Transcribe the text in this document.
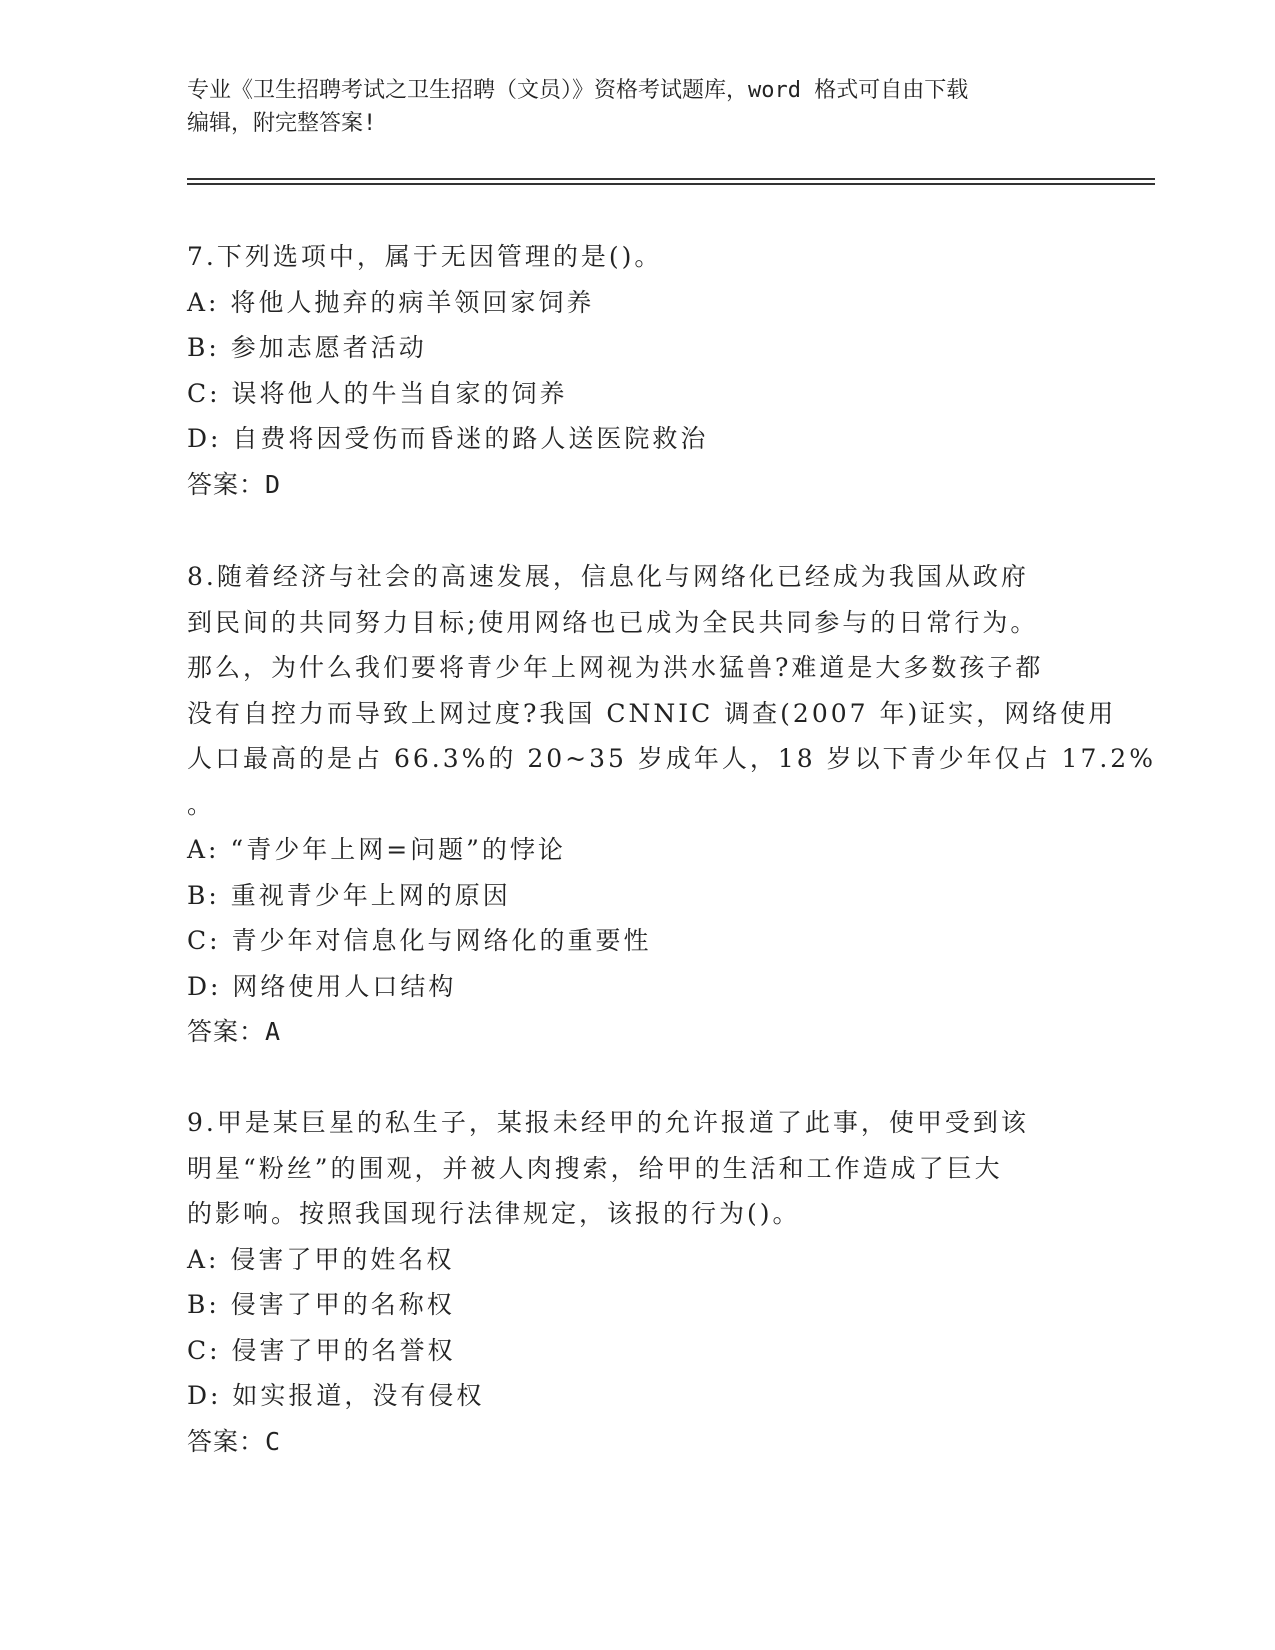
专业《卫生招聘考试之卫生招聘（文员）》资格考试题库，word 格式可自由下载

编辑，附完整答案!

7.下列选项中，属于无因管理的是()。

A: 将他人抛弃的病羊领回家饲养

B: 参加志愿者活动

C: 误将他人的牛当自家的饲养

D: 自费将因受伤而昏迷的路人送医院救治

答案：D

8.随着经济与社会的高速发展，信息化与网络化已经成为我国从政府

到民间的共同努力目标;使用网络也已成为全民共同参与的日常行为。

那么，为什么我们要将青少年上网视为洪水猛兽?难道是大多数孩子都

没有自控力而导致上网过度?我国 CNNIC 调查(2007 年)证实，网络使用

人口最高的是占 66.3%的 20~35 岁成年人，18 岁以下青少年仅占 17.2%

。

A: “青少年上网=问题”的悖论

B: 重视青少年上网的原因

C: 青少年对信息化与网络化的重要性

D: 网络使用人口结构

答案：A

9.甲是某巨星的私生子，某报未经甲的允许报道了此事，使甲受到该

明星“粉丝”的围观，并被人肉搜索，给甲的生活和工作造成了巨大

的影响。按照我国现行法律规定，该报的行为()。

A: 侵害了甲的姓名权

B: 侵害了甲的名称权

C: 侵害了甲的名誉权

D: 如实报道，没有侵权

答案：C
